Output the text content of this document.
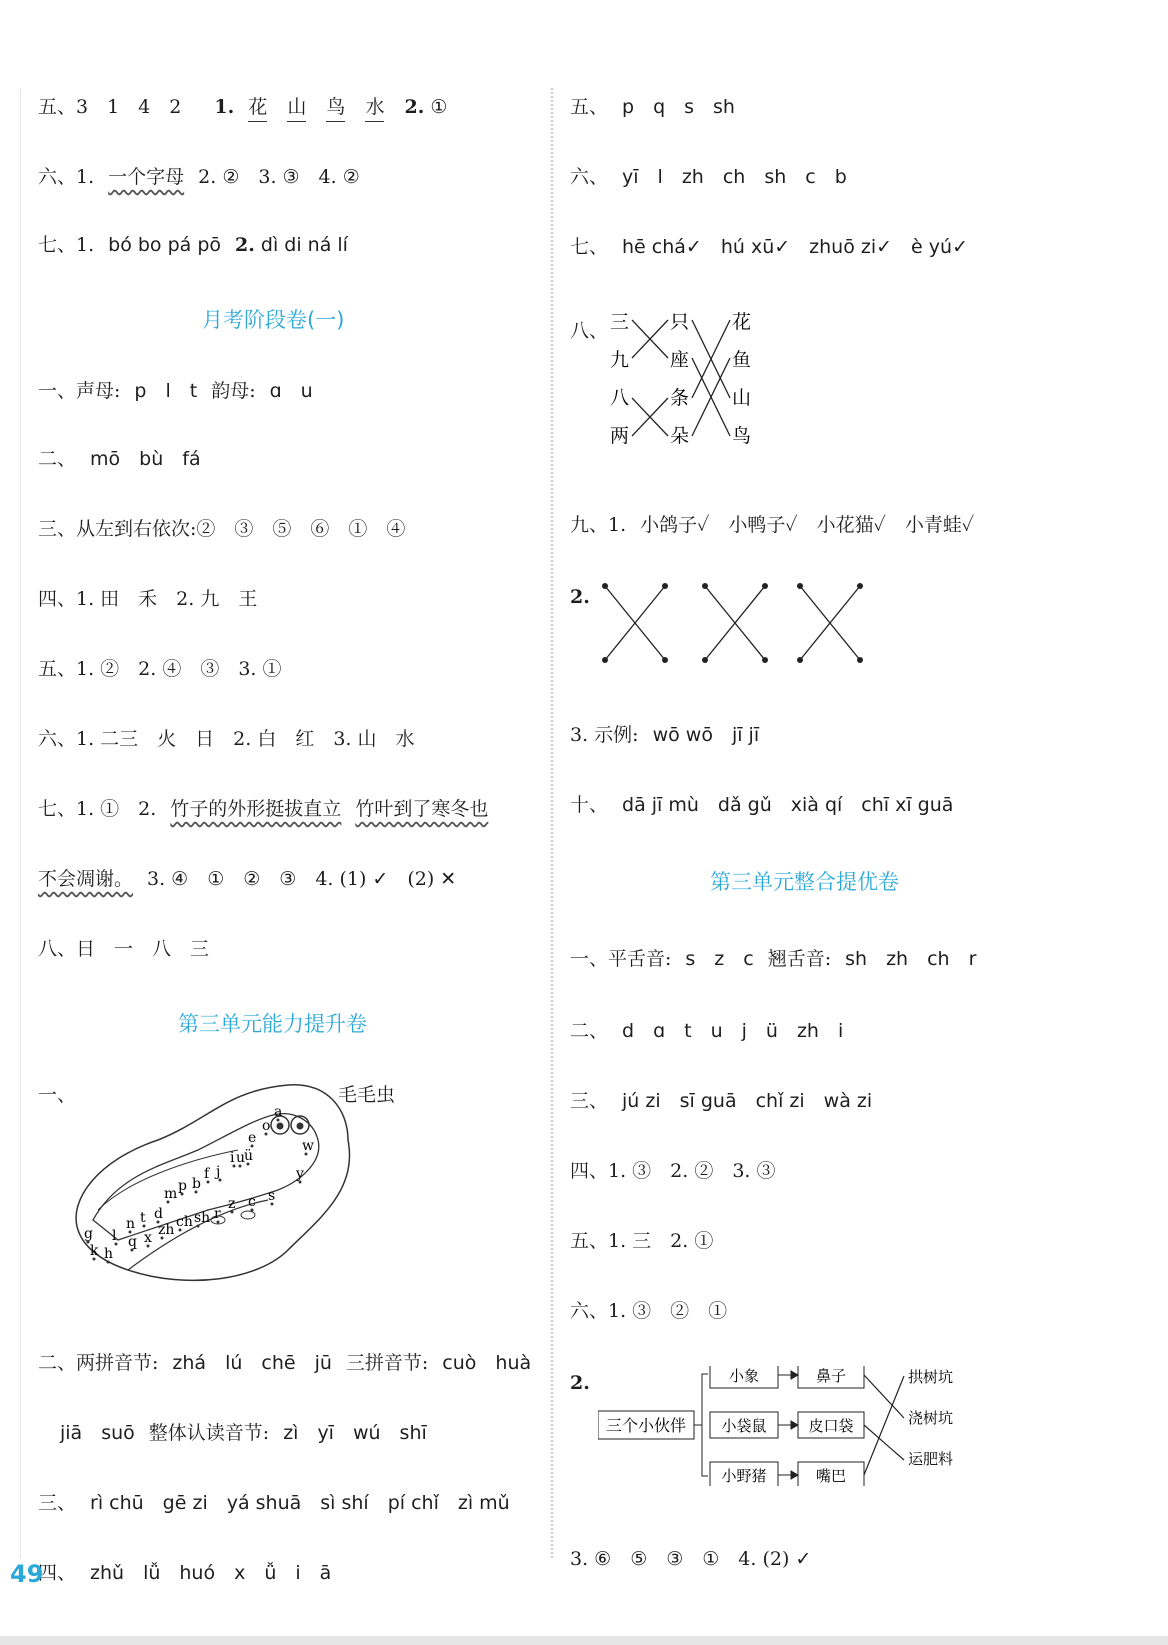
五、3　1　4　2　1. 花 山 鸟 水 2. ①
六、1. 一个字母 2. ②　3. ③　4. ②
七、1. bó bo pá pō 2. dì di ná lí
月考阶段卷(一)
一、声母: p　l　t 韵母: ɑ　u
二、 mō　bù　fá
三、从左到右依次:②　③　⑤　⑥　①　④
四、1. 田　禾　2. 九　王
五、1. ②　2. ④　③　3. ①
六、1. 二三　火　日　2. 白　红　3. 山　水
七、1. ①　2. 竹子的外形挺拔直立 竹叶到了寒冬也
不会凋谢。 3. ④　①　②　③　4. (1) ✓　(2) ✕
八、日　一　八　三
第三单元能力提升卷
一、	毛毛虫
g
k h
l
n t d
m p b
f j
q x zh ch sh r
z c s
y
w
ü
u
i
e
o
a
二、两拼音节: zhá　lú　chē　jū 三拼音节: cuò　huà
jiā　suō 整体认读音节: zì　yī　wú　shī
三、 rì chū　gē zi　yá shuā　sì shí　pí chǐ　zì mǔ
四、 zhǔ　lǚ　huó　x　ǚ　i　ā
五、 p　q　s　sh
六、 yī　l　zh　ch　sh　c　b
七、 hē chá✓　hú xū✓　zhuō zi✓　è yú✓
八、 三
九
八
两
只
座
条
朵
花
鱼
山
鸟
九、1. 小鸽子✓　小鸭子✓　小花猫✓　小青蛙✓
2.
3. 示例: wō wō　jī jī
十、 dā jī mù　dǎ gǔ　xià qí　chī xī guā
第三单元整合提优卷
一、平舌音: s　z　c 翘舌音: sh　zh　ch　r
二、 d　ɑ　t　u　j　ü　zh　i
三、 jú zi　sī guā　chǐ zi　wà zi
四、1. ③　2. ②　3. ③
五、1. 三　2. ①
六、1. ③　②　①
2.
三个小伙伴
小象
小袋鼠
小野猪
鼻子
皮口袋
嘴巴
拱树坑
浇树坑
运肥料
3. ⑥　⑤　③　①　4. (2) ✓
49
